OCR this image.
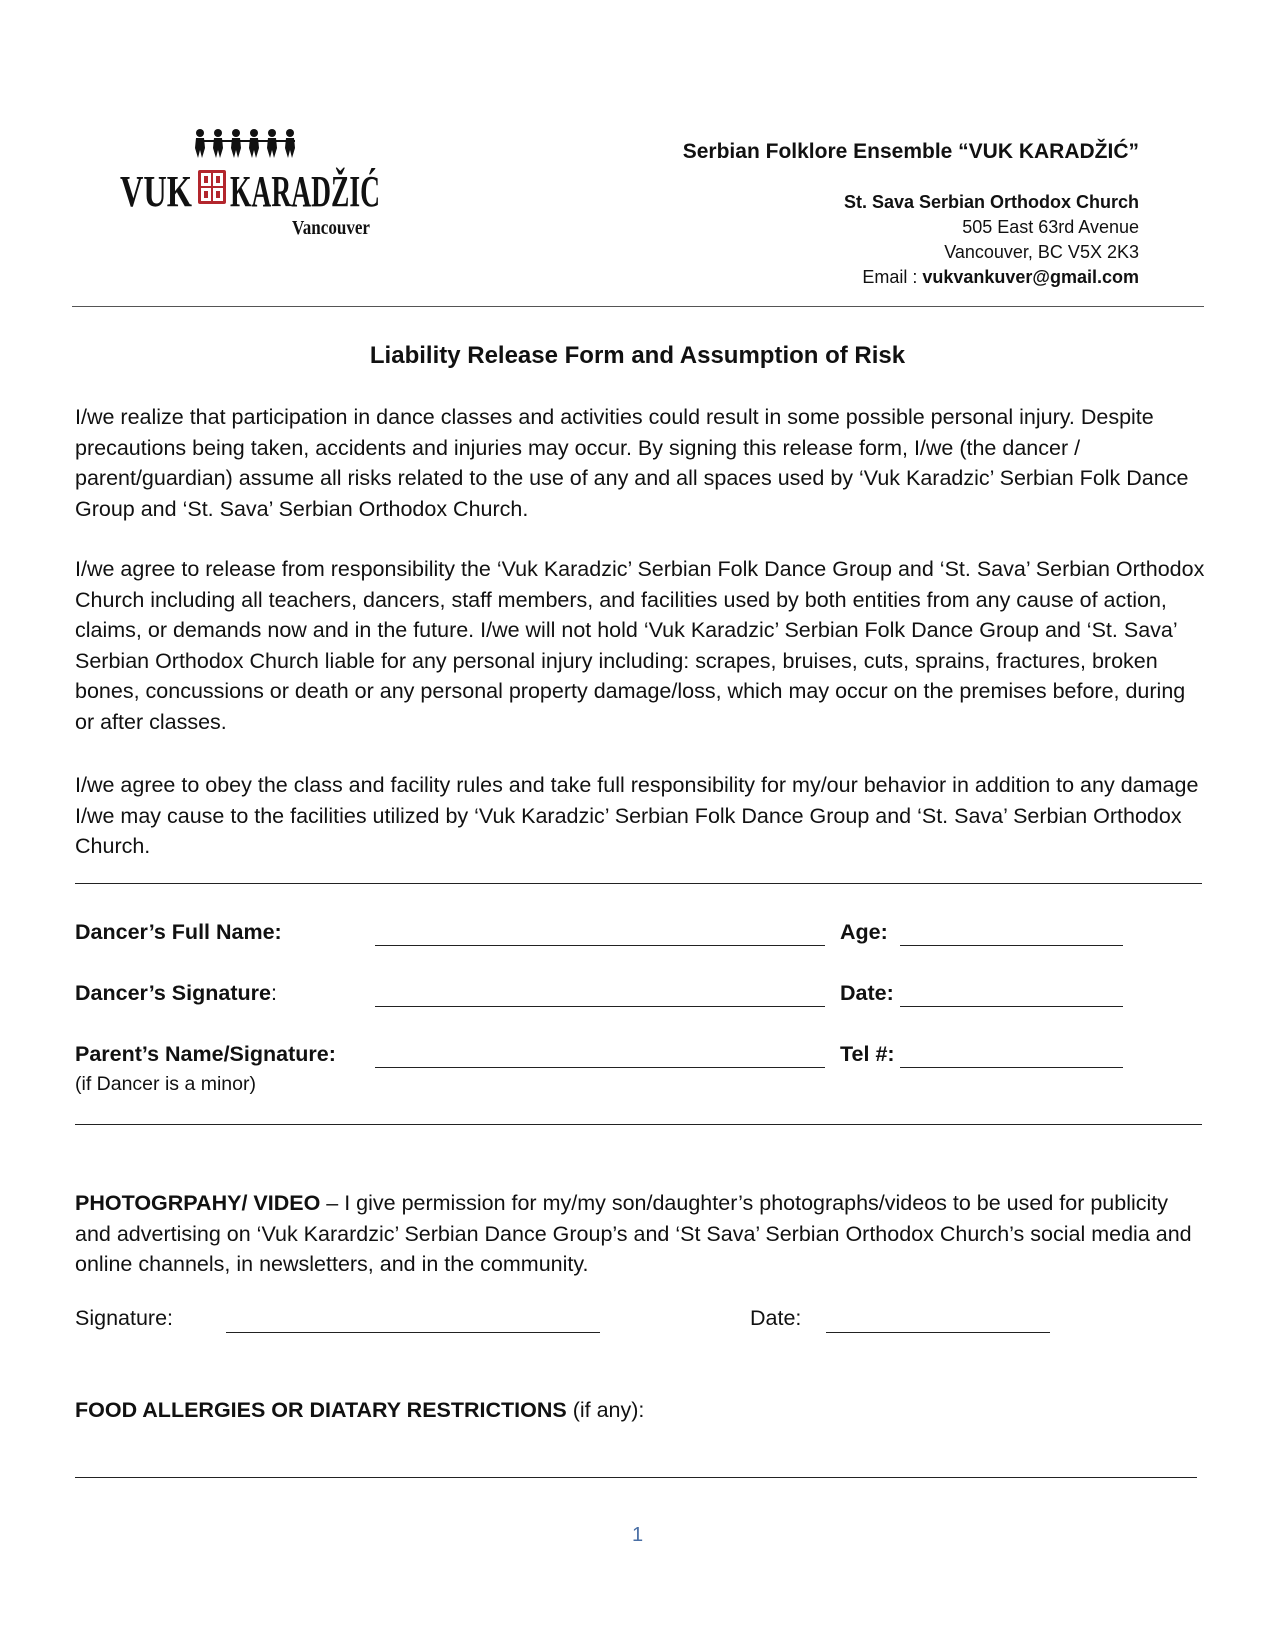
VUK KARADŽIĆ
Vancouver
Serbian Folklore Ensemble “VUK KARADŽIĆ”
St. Sava Serbian Orthodox Church
505 East 63rd Avenue
Vancouver, BC V5X 2K3
Email : vukvankuver@gmail.com
Liability Release Form and Assumption of Risk

I/we realize that participation in dance classes and activities could result in some possible personal injury. Despite precautions being taken, accidents and injuries may occur. By signing this release form, I/we (the dancer / parent/guardian) assume all risks related to the use of any and all spaces used by ‘Vuk Karadzic’ Serbian Folk Dance Group and ‘St. Sava’ Serbian Orthodox Church.

I/we agree to release from responsibility the ‘Vuk Karadzic’ Serbian Folk Dance Group and ‘St. Sava’ Serbian Orthodox Church including all teachers, dancers, staff members, and facilities used by both entities from any cause of action, claims, or demands now and in the future. I/we will not hold ‘Vuk Karadzic’ Serbian Folk Dance Group and ‘St. Sava’ Serbian Orthodox Church liable for any personal injury including: scrapes, bruises, cuts, sprains, fractures, broken bones, concussions or death or any personal property damage/loss, which may occur on the premises before, during or after classes.

I/we agree to obey the class and facility rules and take full responsibility for my/our behavior in addition to any damage I/we may cause to the facilities utilized by ‘Vuk Karadzic’ Serbian Folk Dance Group and ‘St. Sava’ Serbian Orthodox Church.

Dancer’s Full Name:	Age:
Dancer’s Signature:	Date:
Parent’s Name/Signature:	Tel #:
(if Dancer is a minor)

PHOTOGRPAHY/ VIDEO – I give permission for my/my son/daughter’s photographs/videos to be used for publicity and advertising on ‘Vuk Karardzic’ Serbian Dance Group’s and ‘St Sava’ Serbian Orthodox Church’s social media and online channels, in newsletters, and in the community.

Signature:	Date:
FOOD ALLERGIES OR DIATARY RESTRICTIONS (if any):
1
